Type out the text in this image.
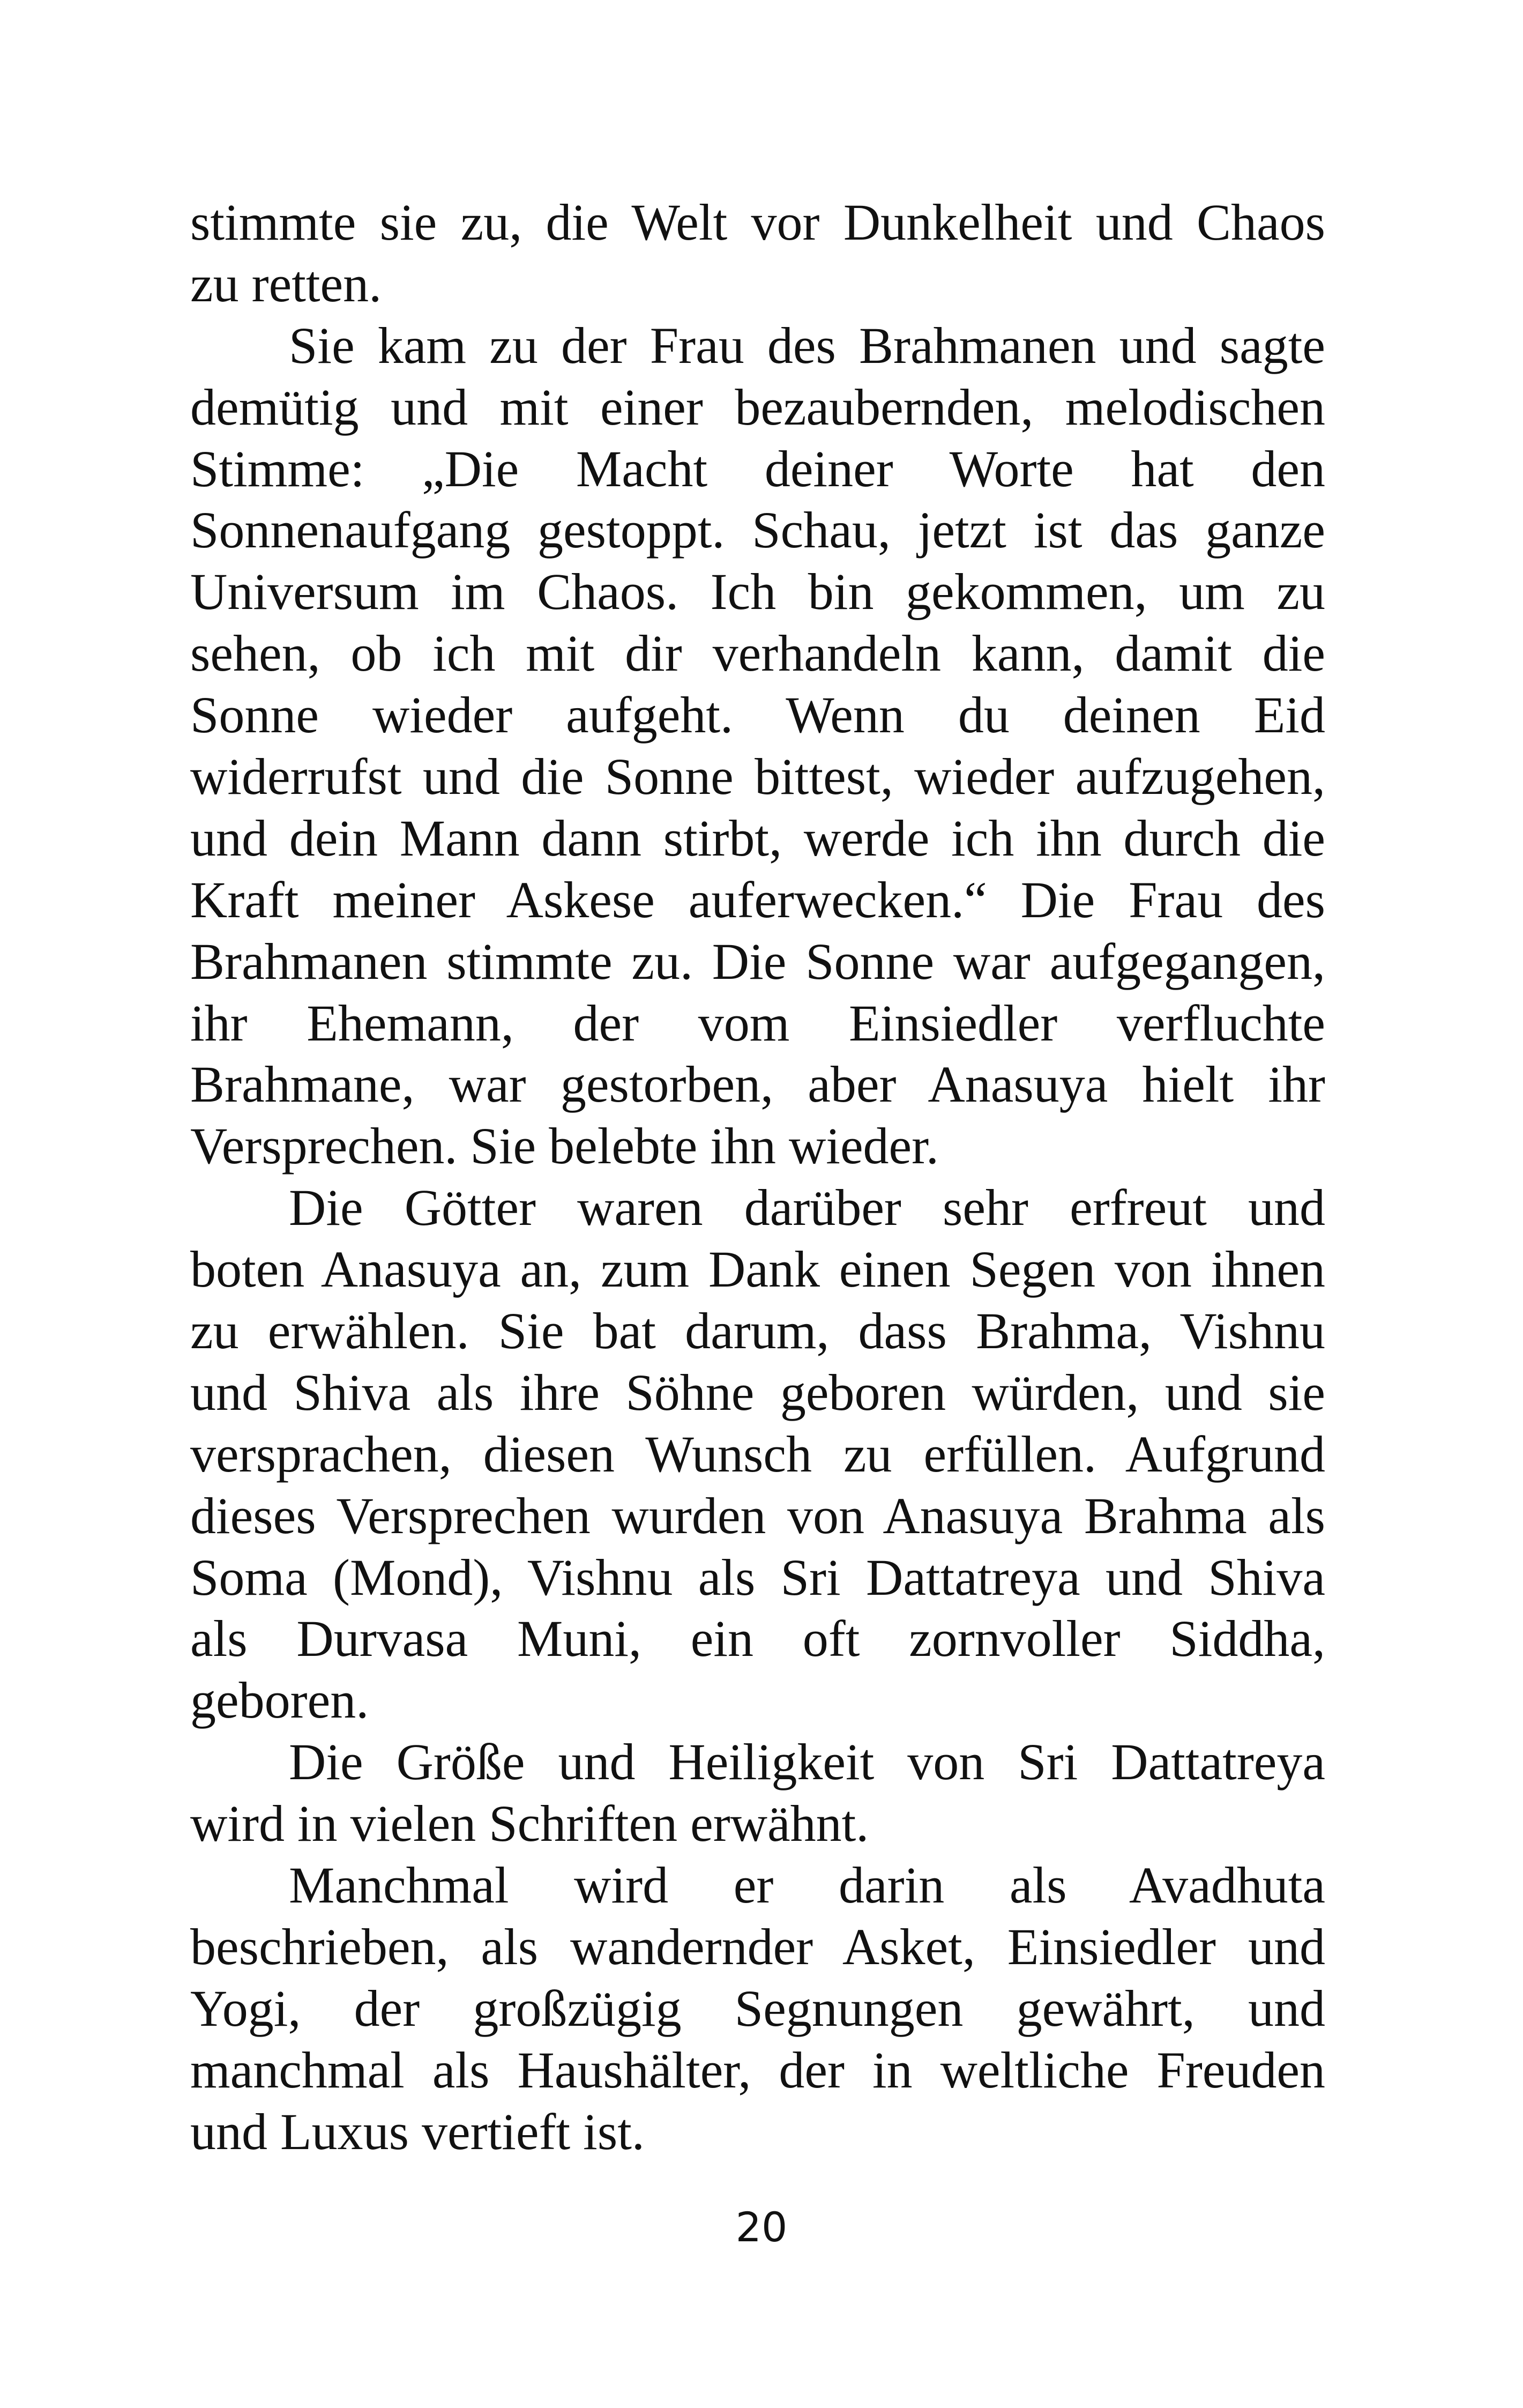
stimmte sie zu, die Welt vor Dunkelheit und Chaos
zu retten.
Sie kam zu der Frau des Brahmanen und sagte
demütig und mit einer bezaubernden, melodischen
Stimme: „Die Macht deiner Worte hat den
Sonnenaufgang gestoppt. Schau, jetzt ist das ganze
Universum im Chaos. Ich bin gekommen, um zu
sehen, ob ich mit dir verhandeln kann, damit die
Sonne wieder aufgeht. Wenn du deinen Eid
widerrufst und die Sonne bittest, wieder aufzugehen,
und dein Mann dann stirbt, werde ich ihn durch die
Kraft meiner Askese auferwecken.“ Die Frau des
Brahmanen stimmte zu. Die Sonne war aufgegangen,
ihr Ehemann, der vom Einsiedler verfluchte
Brahmane, war gestorben, aber Anasuya hielt ihr
Versprechen. Sie belebte ihn wieder.
Die Götter waren darüber sehr erfreut und
boten Anasuya an, zum Dank einen Segen von ihnen
zu erwählen. Sie bat darum, dass Brahma, Vishnu
und Shiva als ihre Söhne geboren würden, und sie
versprachen, diesen Wunsch zu erfüllen. Aufgrund
dieses Versprechen wurden von Anasuya Brahma als
Soma (Mond), Vishnu als Sri Dattatreya und Shiva
als Durvasa Muni, ein oft zornvoller Siddha,
geboren.
Die Größe und Heiligkeit von Sri Dattatreya
wird in vielen Schriften erwähnt.
Manchmal wird er darin als Avadhuta
beschrieben, als wandernder Asket, Einsiedler und
Yogi, der großzügig Segnungen gewährt, und
manchmal als Haushälter, der in weltliche Freuden
und Luxus vertieft ist.
20
